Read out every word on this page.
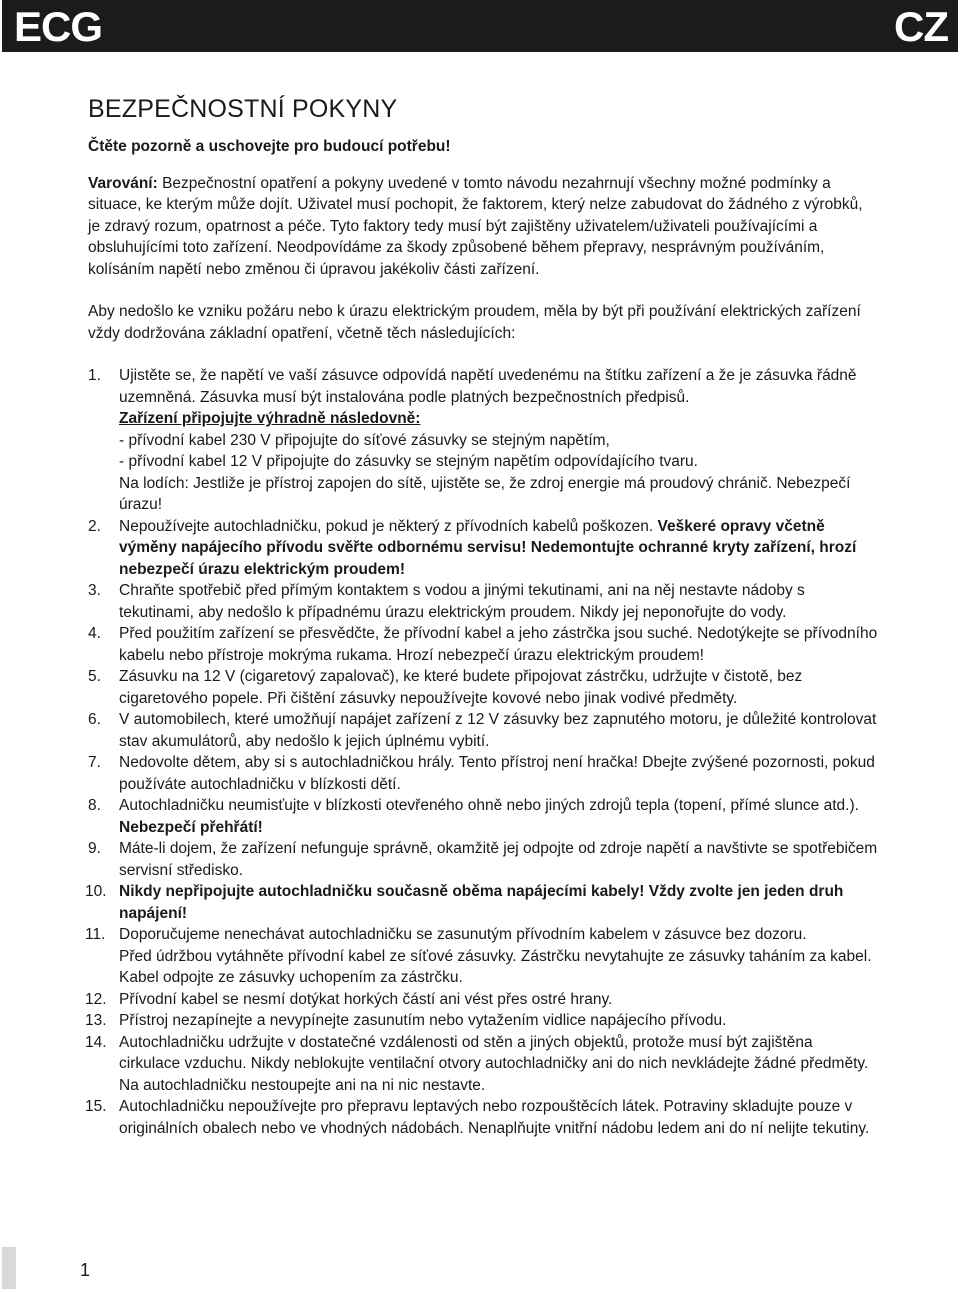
ECG	CZ
BEZPEČNOSTNÍ POKYNY

Čtěte pozorně a uschovejte pro budoucí potřebu!

Varování: Bezpečnostní opatření a pokyny uvedené v tomto návodu nezahrnují všechny možné podmínky a situace, ke kterým může dojít. Uživatel musí pochopit, že faktorem, který nelze zabudovat do žádného z výrobků, je zdravý rozum, opatrnost a péče. Tyto faktory tedy musí být zajištěny uživatelem/uživateli používajícími a obsluhujícími toto zařízení. Neodpovídáme za škody způsobené během přepravy, nesprávným používáním, kolísáním napětí nebo změnou či úpravou jakékoliv části zařízení.

Aby nedošlo ke vzniku požáru nebo k úrazu elektrickým proudem, měla by být při používání elektrických zařízení vždy dodržována základní opatření, včetně těch následujících:

1.	Ujistěte se, že napětí ve vaší zásuvce odpovídá napětí uvedenému na štítku zařízení a že je zásuvka řádně uzemněná. Zásuvka musí být instalována podle platných bezpečnostních předpisů.
Zařízení připojujte výhradně následovně:
- přívodní kabel 230 V připojujte do síťové zásuvky se stejným napětím,
- přívodní kabel 12 V připojujte do zásuvky se stejným napětím odpovídajícího tvaru.
Na lodích: Jestliže je přístroj zapojen do sítě, ujistěte se, že zdroj energie má proudový chránič. Nebezpečí úrazu!
2.	Nepoužívejte autochladničku, pokud je některý z přívodních kabelů poškozen. Veškeré opravy včetně výměny napájecího přívodu svěřte odbornému servisu! Nedemontujte ochranné kryty zařízení, hrozí nebezpečí úrazu elektrickým proudem!
3.	Chraňte spotřebič před přímým kontaktem s vodou a jinými tekutinami, ani na něj nestavte nádoby s tekutinami, aby nedošlo k případnému úrazu elektrickým proudem. Nikdy jej neponořujte do vody.
4.	Před použitím zařízení se přesvědčte, že přívodní kabel a jeho zástrčka jsou suché. Nedotýkejte se přívodního kabelu nebo přístroje mokrýma rukama. Hrozí nebezpečí úrazu elektrickým proudem!
5.	Zásuvku na 12 V (cigaretový zapalovač), ke které budete připojovat zástrčku, udržujte v čistotě, bez cigaretového popele. Při čištění zásuvky nepoužívejte kovové nebo jinak vodivé předměty.
6.	V automobilech, které umožňují napájet zařízení z 12 V zásuvky bez zapnutého motoru, je důležité kontrolovat stav akumulátorů, aby nedošlo k jejich úplnému vybití.
7.	Nedovolte dětem, aby si s autochladničkou hrály. Tento přístroj není hračka! Dbejte zvýšené pozornosti, pokud používáte autochladničku v blízkosti dětí.
8.	Autochladničku neumisťujte v blízkosti otevřeného ohně nebo jiných zdrojů tepla (topení, přímé slunce atd.). Nebezpečí přehřátí!
9.	Máte-li dojem, že zařízení nefunguje správně, okamžitě jej odpojte od zdroje napětí a navštivte se spotřebičem servisní středisko.
10. Nikdy nepřipojujte autochladničku současně oběma napájecími kabely! Vždy zvolte jen jeden druh napájení!
11. Doporučujeme nenechávat autochladničku se zasunutým přívodním kabelem v zásuvce bez dozoru.
Před údržbou vytáhněte přívodní kabel ze síťové zásuvky. Zástrčku nevytahujte ze zásuvky taháním za kabel. Kabel odpojte ze zásuvky uchopením za zástrčku.
12. Přívodní kabel se nesmí dotýkat horkých částí ani vést přes ostré hrany.
13. Přístroj nezapínejte a nevypínejte zasunutím nebo vytažením vidlice napájecího přívodu.
14. Autochladničku udržujte v dostatečné vzdálenosti od stěn a jiných objektů, protože musí být zajištěna cirkulace vzduchu. Nikdy neblokujte ventilační otvory autochladničky ani do nich nevkládejte žádné předměty. Na autochladničku nestoupejte ani na ni nic nestavte.
15. Autochladničku nepoužívejte pro přepravu leptavých nebo rozpouštěcích látek. Potraviny skladujte pouze v originálních obalech nebo ve vhodných nádobách. Nenaplňujte vnitřní nádobu ledem ani do ní nelijte tekutiny.
1
